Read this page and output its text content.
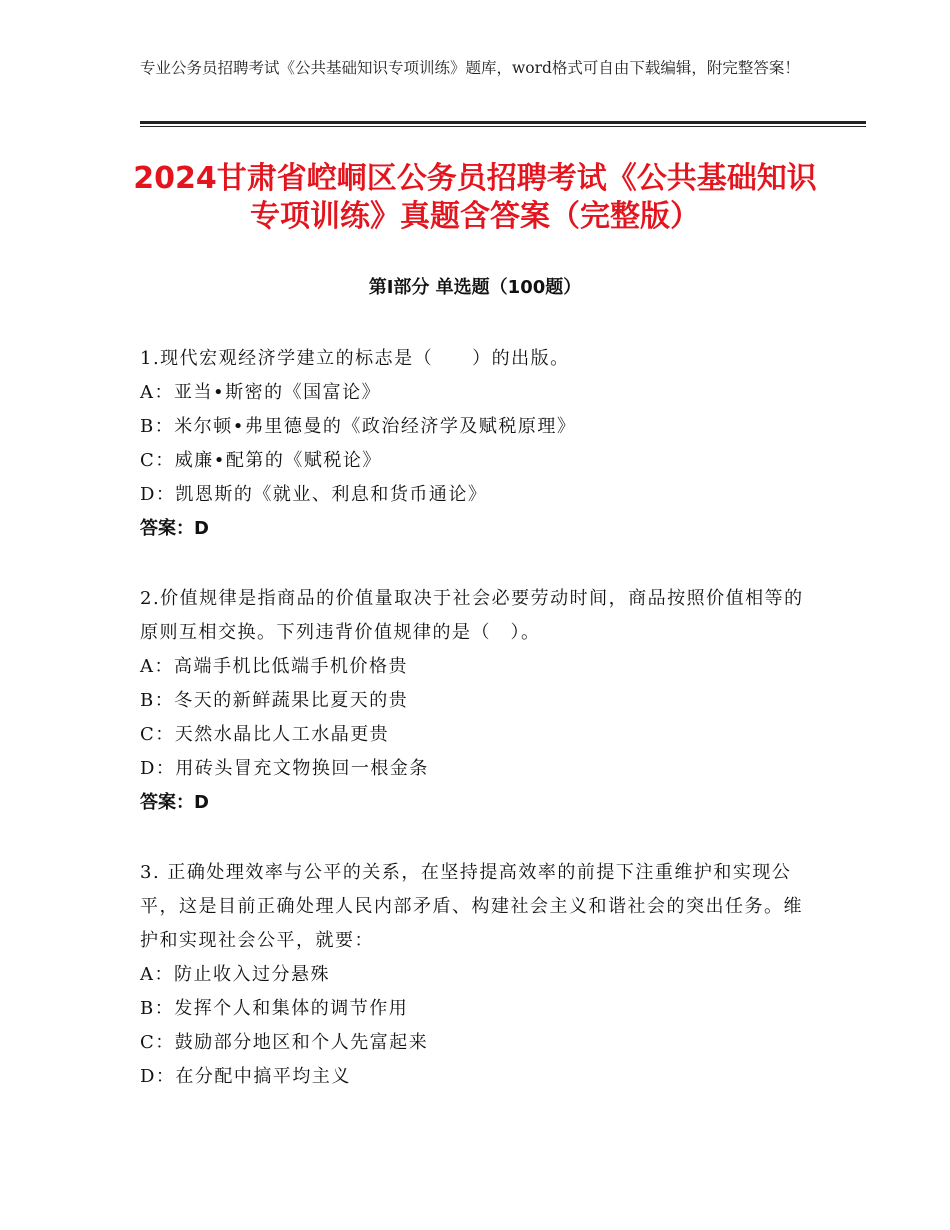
专业公务员招聘考试《公共基础知识专项训练》题库，word格式可自由下载编辑，附完整答案！
2024甘肃省崆峒区公务员招聘考试《公共基础知识专项训练》真题含答案（完整版）
第Ⅰ部分 单选题（100题）
1.现代宏观经济学建立的标志是（　　）的出版。
A：亚当•斯密的《国富论》
B：米尔顿•弗里德曼的《政治经济学及赋税原理》
C：威廉•配第的《赋税论》
D：凯恩斯的《就业、利息和货币通论》
答案：D
2.价值规律是指商品的价值量取决于社会必要劳动时间，商品按照价值相等的原则互相交换。下列违背价值规律的是（　）。
A：高端手机比低端手机价格贵
B：冬天的新鲜蔬果比夏天的贵
C：天然水晶比人工水晶更贵
D：用砖头冒充文物换回一根金条
答案：D
3. 正确处理效率与公平的关系，在坚持提高效率的前提下注重维护和实现公平，这是目前正确处理人民内部矛盾、构建社会主义和谐社会的突出任务。维护和实现社会公平，就要：
A：防止收入过分悬殊
B：发挥个人和集体的调节作用
C：鼓励部分地区和个人先富起来
D：在分配中搞平均主义
